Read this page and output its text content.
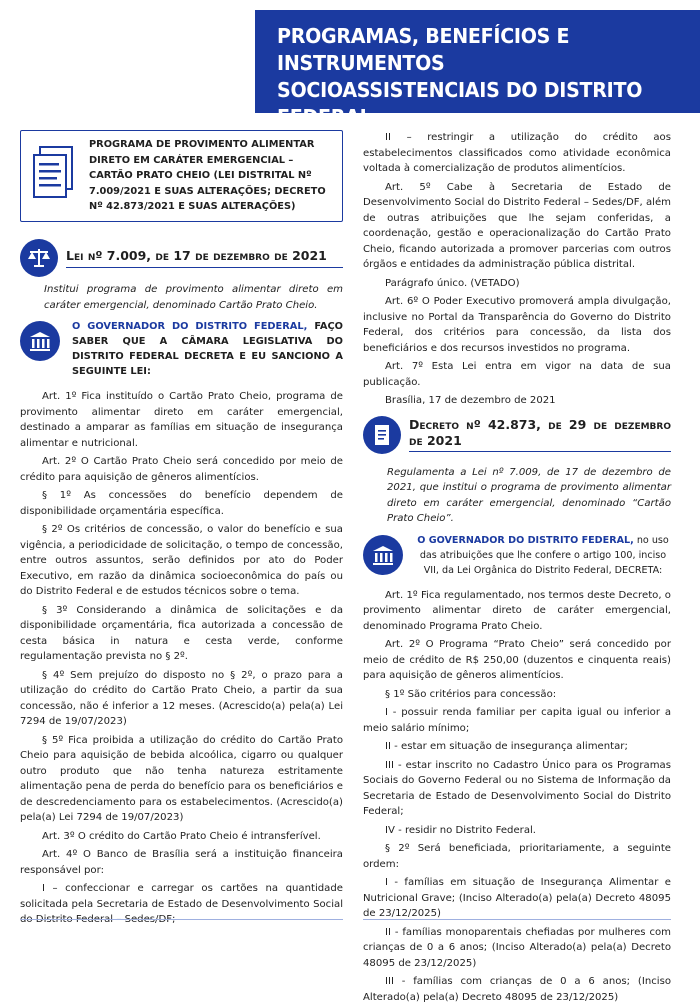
PROGRAMAS, BENEFÍCIOS E INSTRUMENTOS SOCIOASSISTENCIAIS DO DISTRITO FEDERAL
PROGRAMA DE PROVIMENTO ALIMENTAR DIRETO EM CARÁTER EMERGENCIAL – CARTÃO PRATO CHEIO (LEI DISTRITAL Nº 7.009/2021 E SUAS ALTERAÇÕES; DECRETO Nº 42.873/2021 E SUAS ALTERAÇÕES)
Lei nº 7.009, de 17 de dezembro de 2021

Institui programa de provimento alimentar direto em caráter emergencial, denominado Cartão Prato Cheio.

O GOVERNADOR DO DISTRITO FEDERAL, FAÇO SABER QUE A CÂMARA LEGISLATIVA DO DISTRITO FEDERAL DECRETA E EU SANCIONO A SEGUINTE LEI:

Art. 1º Fica instituído o Cartão Prato Cheio, programa de provimento alimentar direto em caráter emergencial, destinado a amparar as famílias em situação de insegurança alimentar e nutricional.

Art. 2º O Cartão Prato Cheio será concedido por meio de crédito para aquisição de gêneros alimentícios.

§ 1º As concessões do benefício dependem de disponibilidade orçamentária específica.

§ 2º Os critérios de concessão, o valor do benefício e sua vigência, a periodicidade de solicitação, o tempo de concessão, entre outros assuntos, serão definidos por ato do Poder Executivo, em razão da dinâmica socioeconômica do país ou do Distrito Federal e de estudos técnicos sobre o tema.

§ 3º Considerando a dinâmica de solicitações e da disponibilidade orçamentária, fica autorizada a concessão de cesta básica in natura e cesta verde, conforme regulamentação prevista no § 2º.

§ 4º Sem prejuízo do disposto no § 2º, o prazo para a utilização do crédito do Cartão Prato Cheio, a partir da sua concessão, não é inferior a 12 meses. (Acrescido(a) pela(a) Lei 7294 de 19/07/2023)

§ 5º Fica proibida a utilização do crédito do Cartão Prato Cheio para aquisição de bebida alcoólica, cigarro ou qualquer outro produto que não tenha natureza estritamente alimentação pena de perda do benefício para os beneficiários e de descredenciamento para os estabelecimentos. (Acrescido(a) pela(a) Lei 7294 de 19/07/2023)

Art. 3º O crédito do Cartão Prato Cheio é intransferível.

Art. 4º O Banco de Brasília será a instituição financeira responsável por:

I – confeccionar e carregar os cartões na quantidade solicitada pela Secretaria de Estado de Desenvolvimento Social

II – restringir a utilização do crédito aos estabelecimentos classificados como atividade econômica voltada à comercialização de produtos alimentícios.

Art. 5º Cabe à Secretaria de Estado de Desenvolvimento Social do Distrito Federal – Sedes/DF, além de outras atribuições que lhe sejam conferidas, a coordenação, gestão e operacionalização do Cartão Prato Cheio, ficando autorizada a promover parcerias com outros órgãos e entidades da administração pública distrital.

Parágrafo único. (VETADO)

Art. 6º O Poder Executivo promoverá ampla divulgação, inclusive no Portal da Transparência do Governo do Distrito Federal, dos critérios para concessão, da lista dos beneficiários e dos recursos investidos no programa.

Art. 7º Esta Lei entra em vigor na data de sua publicação.

Brasília, 17 de dezembro de 2021

Decreto nº 42.873, de 29 de dezembro de 2021

Regulamenta a Lei nº 7.009, de 17 de dezembro de 2021, que institui o programa de provimento alimentar direto em caráter emergencial, denominado “Cartão Prato Cheio”.

O GOVERNADOR DO DISTRITO FEDERAL, no uso das atribuições que lhe confere o artigo 100, inciso VII, da Lei Orgânica do Distrito Federal, DECRETA:

Art. 1º Fica regulamentado, nos termos deste Decreto, o provimento alimentar direto de caráter emergencial, denominado Programa Prato Cheio.

Art. 2º O Programa “Prato Cheio” será concedido por meio de crédito de R$ 250,00 (duzentos e cinquenta reais) para aquisição de gêneros alimentícios.

§ 1º São critérios para concessão:

I - possuir renda familiar per capita igual ou inferior a meio salário mínimo;

II - estar em situação de insegurança alimentar;

III - estar inscrito no Cadastro Único para os Programas Sociais do Governo Federal ou no Sistema de Informação da Secretaria de Estado de Desenvolvimento Social do Distrito Federal;

IV - residir no Distrito Federal.

§ 2º Será beneficiada, prioritariamente, a seguinte ordem:

I - famílias em situação de Insegurança Alimentar e Nutricional Grave; (Inciso Alterado(a) pela(a) Decreto 48095 de 23/12/2025)

II - famílias monoparentais chefiadas por mulheres com crianças de 0 a 6 anos; (Inciso Alterado(a) pela(a) Decreto 48095 de 23/12/2025)

III - famílias com crianças de 0 a 6 anos; (Inciso Alterado(a) pela(a) Decreto 48095 de 23/12/2025)
